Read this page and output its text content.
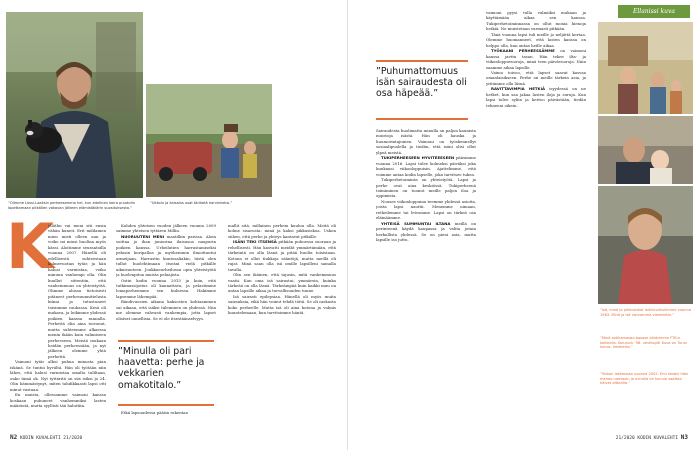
”Olimme Lossi-Laaksin perheesamma hei, kun edelinen koira puudutin lopettamaan pitkällen vakavan jälkeen elämistäkärin suosituksesta.”
”Ukkolu ja kaisalus osat täriketä harvinkeksi.”
K

ylläthn vai meni siti ensin vähän kuneit. Erit mililamen mien misti olleen aun ja voiko mi miusi huoltaa myös kässi. Aloitimme seuraatoilla vuonna 2007. Hänellä oli edellisestä suhteestaan kolmevuotias tytär, ja hän halusi varmistaa, voiko minuun vanhempi olla. Olin kuullut sittentiin, että vanhemmuus on yhteistyötä. Olimme alussa tietoisesti pitäneet perhesuunnittelusta kiinni ja tutustuneet toisiimme rauhassa. Kesä oli mukava, ja leikimme yhdessä poikien kanssa rannalla. Perhettä olin aina toivonut, mutta suhteemme alkaessa menin ikään kuin valmiiseen perheeseen. Meistä mukaan heidän perheessään, ja nyt jälkeen olemme yhtä perhettä.

Vaimoni tytär alkoi puhua minusta pian iskänä. Se tuntui hyvältä. Hän oli työtään niin lähes, että halusi varmistaa omalta tuliltaan, onko tämä ok. Nyt tyttäritä on siis isiksi jo 24. Olin hämmästynyt, miten tahdikkaasti lapsi otti minut vastaan.

En muista, ollessamme vaimoni kanssa koskaan puhuneet vanhemmiksi lasten määrästä, mutta syyllisti tää haluttiin.

Kahden yhteisen vuoden jälkeen vuonna 2009 saimme yhteisen tyttären Millin.

NUORUUTENI MENI maatilkin parissa. Aloin soittaa jo ihan juniorina ilaisusoa naapurin poikien kanssa. Urheilutien harrastamiseksi pelasin koripalloa ja myöhemmin ilmoittautui armeijaan. Harrastin kuntosaliakin, tästä olen tullut huolehtimaan itseäni vielä pitkälle aikuisuuteen. Joukkueurheilussa opin yhteistyötä ja huolenpitoa muista pelaajista.

Ostin kodin vuonna 2015 ja koin, että tutkimussijoitus oli kannattava, ja pelastimme lomaperheemme sen kuluessa. Hakimme lapsemme lähempää.

Bändivuosien aikana kaksosten kohtaaminen sai aikaan, että isäksi tuleminen on yhdessä. Niin me olemme vahvasti vanhempia, jotta lapset olisivat onnellisia. Se ei ole itsestäänselvyys.

”Minulla oli pari haavetta: perhe ja vekkarien omakotitalo.”

Etkä lapsuudessa päätin rakentaa

mallit sitä, millainen perhem kuuluu olla. Meitä oli kolme sisarusta: minä ja kaksi pikkusiskoa. Uskon siihen, että perhe ja yhteys kantavat pitkälle.

ISÄNI TEKI ITSENSÄ pitkään puhuessa suoraan ja rehellisesti. Hän kasvatti meidät ymmärtämään, että tärkeintä on olla läsnä ja pitää huolta toisistaan. Kotona ei ollut tiukkoja sääntöjä, mutta meillä oli rajat. Minä saan olla isä omille lapsilleni samalla tavalla.

Olin sen ikäinen, että tajusin, mitä vanhemmuus vaatii. Kun oma isä sairastui, ymmärsin, kuinka tärkeää on olla läsnä. Tärkeämpää kuin kaikki muu on antaa lapsille aikaa ja turvallisuuden tunne.

Isä sairasti epilepsiaa. Hänellä oli myös muita sairauksia, eikä hän voinut tehdä töitä. Se oli raskasta koko perheelle. Mutta isä oli aina kotona ja valmis kuuntelemaan, kun tarvitsimme häntä.

N2 KODIN KUVALEHTI 21/2020
”Puhumattomuus isän sairaudesta oli osa häpeää.”

Sairaudesta huolimatta minulla on paljon kaunista muistoja isästä. Hän oli hauska ja huumorintajuinen. Vaimoni on työskennellyt sosiaalipuolella ja tiedän, että isäni olisi ollut ylpeä meistä.

TUKIPERHEESEEN HYVITEEESEEN pääsimme vuonna 2016. Lapsi tulee kolmeksi päiväksi joka kuukausi viikonloppuisin. Ajattelimme, että voimme antaa kodin lapselle, joka tarvitsee tukea.

Tukiperhetoiminta on yhteistyötä. Lapsi ja perhe ovat aina keskiössä. Tukiperheenä toimiminen on tuonut meille paljon iloa ja oppimista.

Nousee viikonloppuina teemme yhdessä asioita, joista lapsi nauttii. Menemme uimaan, retkeilemme tai leivomme. Lapsi on tärkeä osa elämäämme.

YHTEISÄ SUMMUNTAI ILTANA meillä on perinteenä käydä kaupassa ja valita jotain herkullista yhdessä. Se on pieni asia, mutta lapsille iso juttu.

vaimoni pyysi tulla valmiiksi mukaan ja käyttämään aikaa sen kanssa. Tukiperhetoiminnassa on ollut monia hienoja hetkiä. Ne muistetaan varmasti pitkään.

Tänä vuonna lapsi tuli meille jo neljättä kertaa. Olemme huomanneet, että lasten kanssa on helppo olla, kun antaa heille aikaa.

TYÖKAANI PERHEESSÄMME on vaimoni kanssa jaettu tasan. Hän tekee ilta- ja viikonloppuvuoroja, minä teen päivävuoroja. Näin saamme aikaa lapsille.

Vaimo toivoo, että lapset saavat kasvaa omanlaisikseen. Perhe on meille tärkein asia, ja yritämme olla läsnä.

RAVITTAVIMPIA HETKIÄ isyydessä on ne hetket, kun saa jakaa lasten iloja ja suruja. Kun lapsi tulee syliin ja kertoo päivästään, tiedän tehneeni oikein.

Ellanissi kuva
”Isä, minä ja pikkusiskot leikkuvahukimme vuonna 1983. Minä ja isä nauramme vierekkäin.”
”Minä sotihamasaa basose kärädrnme FTK:n kaikkeila. Kuluruck ’98. nevillogit! Kuva on Turun harva- ilmekerta.”
”Siskon lakkesissa vuonna 2002. Emi kesäni häin meneo nemissin ja minulla on kunnia saattaa häivet alttarille.”
21/2020 KODIN KUVALEHTI N3
